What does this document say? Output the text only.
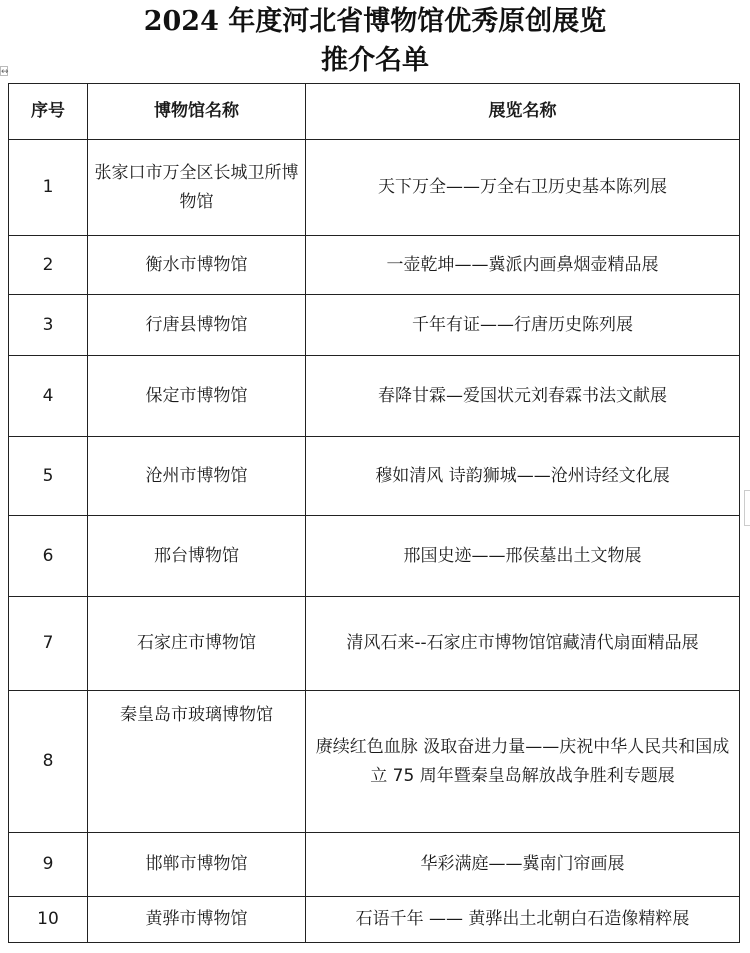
2024 年度河北省博物馆优秀原创展览
推介名单
↔
序号	博物馆名称	展览名称
1	张家口市万全区长城卫所博物馆	天下万全——万全右卫历史基本陈列展
2	衡水市博物馆	一壶乾坤——冀派内画鼻烟壶精品展
3	行唐县博物馆	千年有证——行唐历史陈列展
4	保定市博物馆	春降甘霖—爱国状元刘春霖书法文献展
5	沧州市博物馆	穆如清风 诗韵狮城——沧州诗经文化展
6	邢台博物馆	邢国史迹——邢侯墓出土文物展
7	石家庄市博物馆	清风石来--石家庄市博物馆馆藏清代扇面精品展
8	秦皇岛市玻璃博物馆	赓续红色血脉 汲取奋进力量——庆祝中华人民共和国成立 75 周年暨秦皇岛解放战争胜利专题展
9	邯郸市博物馆	华彩满庭——冀南门帘画展
10	黄骅市博物馆	石语千年 —— 黄骅出土北朝白石造像精粹展
